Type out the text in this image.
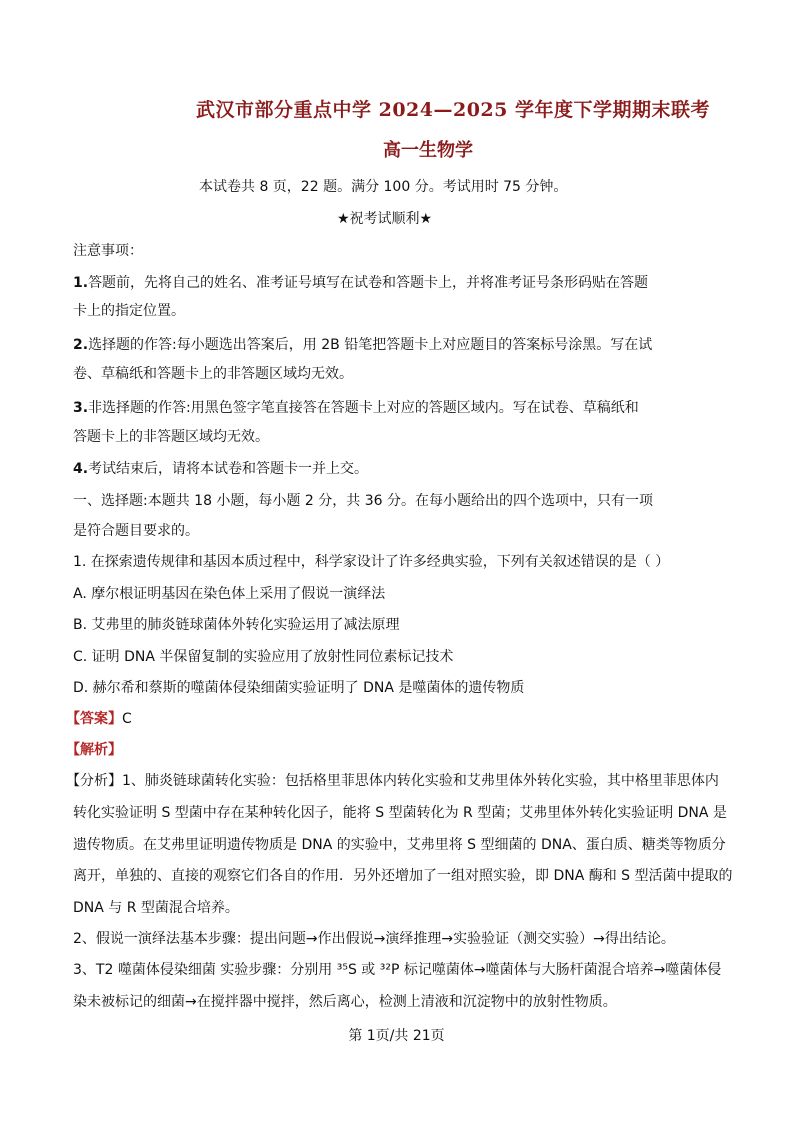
武汉市部分重点中学 2024—2025 学年度下学期期末联考
高一生物学
本试卷共 8 页，22 题。满分 100 分。考试用时 75 分钟。
★祝考试顺利★
注意事项：
1.答题前，先将自己的姓名、准考证号填写在试卷和答题卡上，并将准考证号条形码贴在答题
卡上的指定位置。
2.选择题的作答:每小题选出答案后，用 2B 铅笔把答题卡上对应题目的答案标号涂黑。写在试
卷、草稿纸和答题卡上的非答题区域均无效。
3.非选择题的作答:用黑色签字笔直接答在答题卡上对应的答题区域内。写在试卷、草稿纸和
答题卡上的非答题区域均无效。
4.考试结束后，请将本试卷和答题卡一并上交。
一、选择题:本题共 18 小题，每小题 2 分，共 36 分。在每小题给出的四个选项中，只有一项
是符合题目要求的。
1. 在探索遗传规律和基因本质过程中，科学家设计了许多经典实验，下列有关叙述错误的是（ ）
A. 摩尔根证明基因在染色体上采用了假说一演绎法
B. 艾弗里的肺炎链球菌体外转化实验运用了减法原理
C. 证明 DNA 半保留复制的实验应用了放射性同位素标记技术
D. 赫尔希和蔡斯的噬菌体侵染细菌实验证明了 DNA 是噬菌体的遗传物质
【答案】C
【解析】
【分析】1、肺炎链球菌转化实验：包括格里菲思体内转化实验和艾弗里体外转化实验，其中格里菲思体内
转化实验证明 S 型菌中存在某种转化因子，能将 S 型菌转化为 R 型菌；艾弗里体外转化实验证明 DNA 是
遗传物质。在艾弗里证明遗传物质是 DNA 的实验中，艾弗里将 S 型细菌的 DNA、蛋白质、糖类等物质分
离开，单独的、直接的观察它们各自的作用．另外还增加了一组对照实验，即 DNA 酶和 S 型活菌中提取的
DNA 与 R 型菌混合培养。
2、假说一演绎法基本步骤：提出问题→作出假说→演绎推理→实验验证（测交实验）→得出结论。
3、T2 噬菌体侵染细菌 实验步骤：分别用 ³⁵S 或 ³²P 标记噬菌体→噬菌体与大肠杆菌混合培养→噬菌体侵
染未被标记的细菌→在搅拌器中搅拌，然后离心，检测上清液和沉淀物中的放射性物质。
第 1页/共 21页
